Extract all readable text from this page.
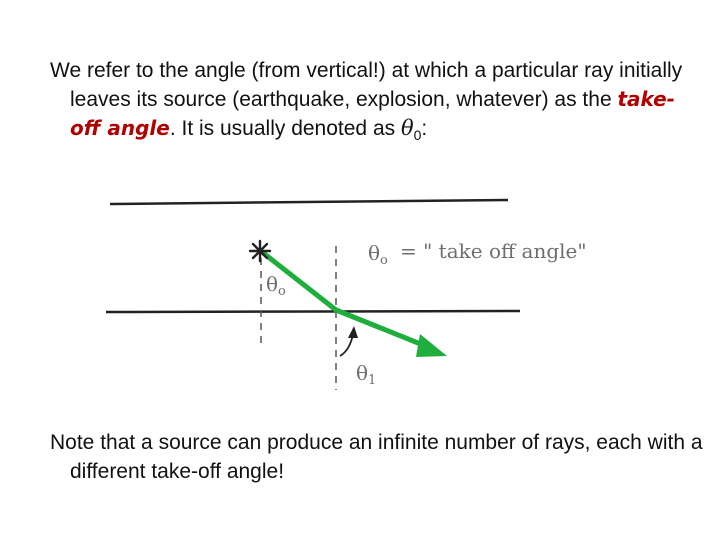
We refer to the angle (from vertical!) at which a particular ray initially leaves its source (earthquake, explosion, whatever) as the take-off angle. It is usually denoted as $\theta_0$:

$\theta_o$
$\theta_o$ = " take off angle"
$\theta_1$

Note that a source can produce an infinite number of rays, each with a different take-off angle!
